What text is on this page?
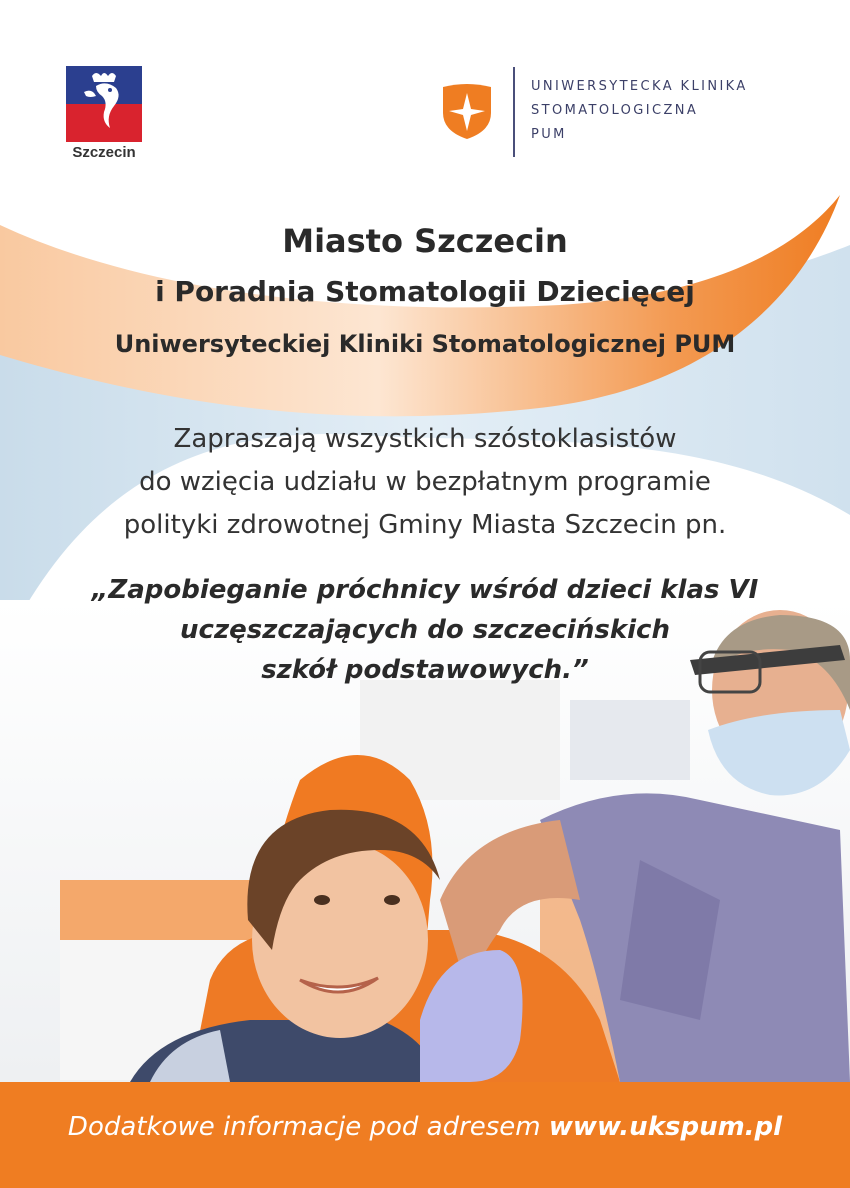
Szczecin
UNIWERSYTECKA KLINIKA
STOMATOLOGICZNA
PUM
Miasto Szczecin
i Poradnia Stomatologii Dziecięcej
Uniwersyteckiej Kliniki Stomatologicznej PUM
Zapraszają wszystkich szóstoklasistów
do wzięcia udziału w bezpłatnym programie
polityki zdrowotnej Gminy Miasta Szczecin pn.
„Zapobieganie próchnicy wśród dzieci klas VI
uczęszczających do szczecińskich
szkół podstawowych.”
Dodatkowe informacje pod adresem www.ukspum.pl
